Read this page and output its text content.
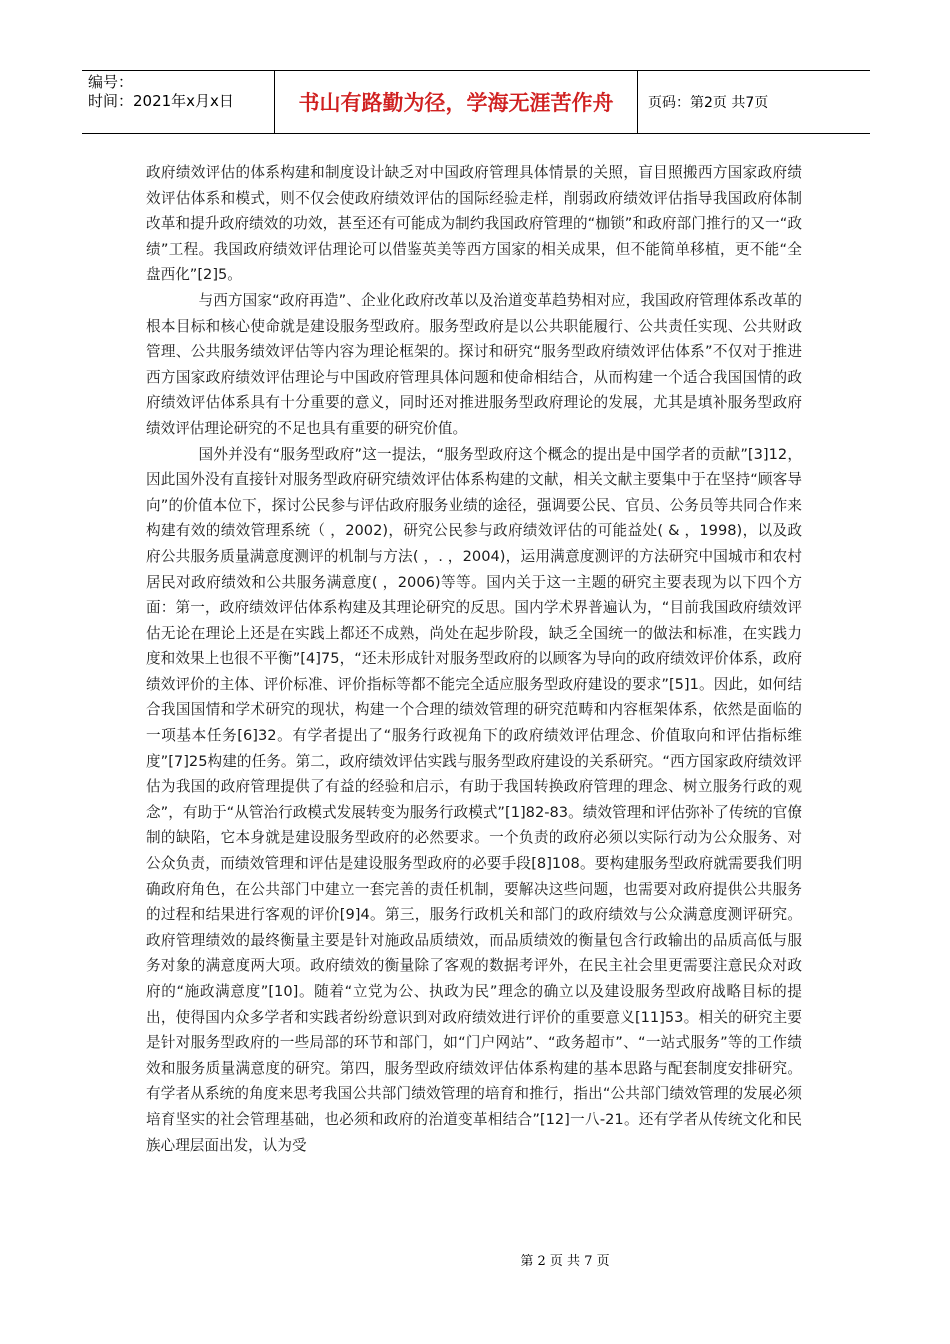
编号：
时间：2021年x月x日	书山有路勤为径，学海无涯苦作舟	页码：第2页 共7页

政府绩效评估的体系构建和制度设计缺乏对中国政府管理具体情景的关照，盲目照搬西方国家政府绩效评估体系和模式，则不仅会使政府绩效评估的国际经验走样，削弱政府绩效评估指导我国政府体制改革和提升政府绩效的功效，甚至还有可能成为制约我国政府管理的“枷锁”和政府部门推行的又一“政绩”工程。我国政府绩效评估理论可以借鉴英美等西方国家的相关成果，但不能简单移植，更不能“全盘西化”[2]5。

与西方国家“政府再造”、企业化政府改革以及治道变革趋势相对应，我国政府管理体系改革的根本目标和核心使命就是建设服务型政府。服务型政府是以公共职能履行、公共责任实现、公共财政管理、公共服务绩效评估等内容为理论框架的。探讨和研究“服务型政府绩效评估体系”不仅对于推进西方国家政府绩效评估理论与中国政府管理具体问题和使命相结合，从而构建一个适合我国国情的政府绩效评估体系具有十分重要的意义，同时还对推进服务型政府理论的发展，尤其是填补服务型政府绩效评估理论研究的不足也具有重要的研究价值。

国外并没有“服务型政府”这一提法，“服务型政府这个概念的提出是中国学者的贡献”[3]12，因此国外没有直接针对服务型政府研究绩效评估体系构建的文献，相关文献主要集中于在坚持“顾客导向”的价值本位下，探讨公民参与评估政府服务业绩的途径，强调要公民、官员、公务员等共同合作来构建有效的绩效管理系统（ ，2002)，研究公民参与政府绩效评估的可能益处( & ，1998)，以及政府公共服务质量满意度测评的机制与方法( ，. ，2004)，运用满意度测评的方法研究中国城市和农村居民对政府绩效和公共服务满意度( ，2006)等等。国内关于这一主题的研究主要表现为以下四个方面：第一，政府绩效评估体系构建及其理论研究的反思。国内学术界普遍认为，“目前我国政府绩效评估无论在理论上还是在实践上都还不成熟，尚处在起步阶段，缺乏全国统一的做法和标准，在实践力度和效果上也很不平衡”[4]75，“还未形成针对服务型政府的以顾客为导向的政府绩效评价体系，政府绩效评价的主体、评价标准、评价指标等都不能完全适应服务型政府建设的要求”[5]1。因此，如何结合我国国情和学术研究的现状，构建一个合理的绩效管理的研究范畴和内容框架体系，依然是面临的一项基本任务[6]32。有学者提出了“服务行政视角下的政府绩效评估理念、价值取向和评估指标维度”[7]25构建的任务。第二，政府绩效评估实践与服务型政府建设的关系研究。“西方国家政府绩效评估为我国的政府管理提供了有益的经验和启示，有助于我国转换政府管理的理念、树立服务行政的观念”，有助于“从管治行政模式发展转变为服务行政模式”[1]82-83。绩效管理和评估弥补了传统的官僚制的缺陷，它本身就是建设服务型政府的必然要求。一个负责的政府必须以实际行动为公众服务、对公众负责，而绩效管理和评估是建设服务型政府的必要手段[8]108。要构建服务型政府就需要我们明确政府角色，在公共部门中建立一套完善的责任机制，要解决这些问题，也需要对政府提供公共服务的过程和结果进行客观的评价[9]4。第三，服务行政机关和部门的政府绩效与公众满意度测评研究。政府管理绩效的最终衡量主要是针对施政品质绩效，而品质绩效的衡量包含行政输出的品质高低与服务对象的满意度两大项。政府绩效的衡量除了客观的数据考评外，在民主社会里更需要注意民众对政府的“施政满意度”[10]。随着“立党为公、执政为民”理念的确立以及建设服务型政府战略目标的提出，使得国内众多学者和实践者纷纷意识到对政府绩效进行评价的重要意义[11]53。相关的研究主要是针对服务型政府的一些局部的环节和部门，如“门户网站”、“政务超市”、“一站式服务”等的工作绩效和服务质量满意度的研究。第四，服务型政府绩效评估体系构建的基本思路与配套制度安排研究。有学者从系统的角度来思考我国公共部门绩效管理的培育和推行，指出“公共部门绩效管理的发展必须培育坚实的社会管理基础，也必须和政府的治道变革相结合”[12]一八-21。还有学者从传统文化和民族心理层面出发，认为受

第 2 页 共 7 页
